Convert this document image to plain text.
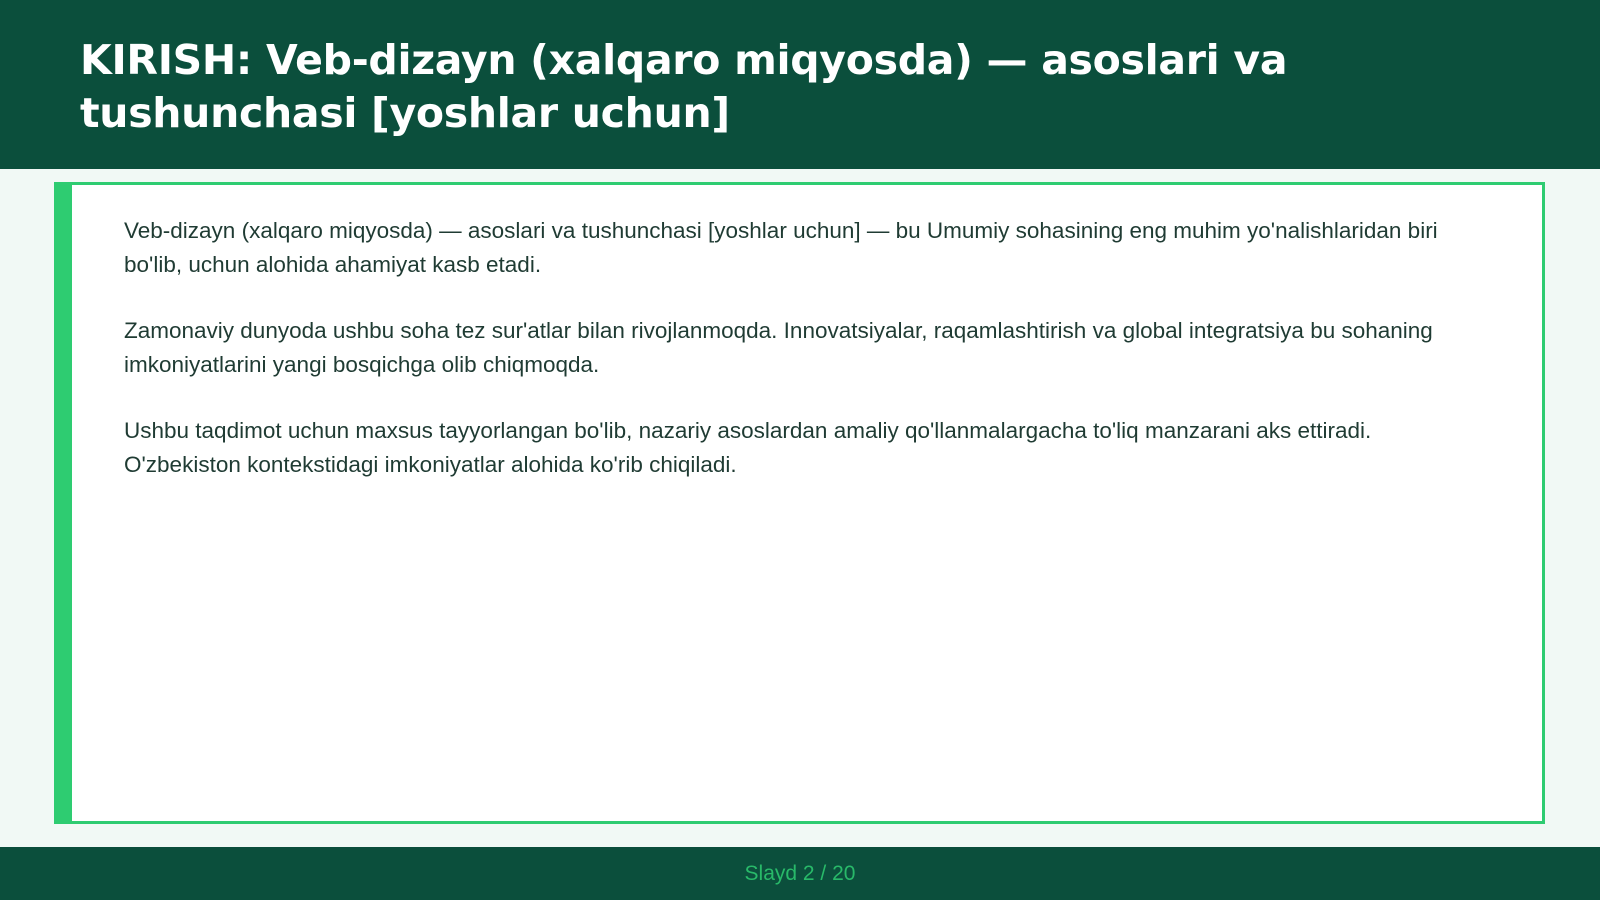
KIRISH: Veb-dizayn (xalqaro miqyosda) — asoslari va tushunchasi [yoshlar uchun]

Veb-dizayn (xalqaro miqyosda) — asoslari va tushunchasi [yoshlar uchun] — bu Umumiy sohasining eng muhim yo'nalishlaridan biri bo'lib, uchun alohida ahamiyat kasb etadi.

Zamonaviy dunyoda ushbu soha tez sur'atlar bilan rivojlanmoqda. Innovatsiyalar, raqamlashtirish va global integratsiya bu sohaning imkoniyatlarini yangi bosqichga olib chiqmoqda.

Ushbu taqdimot uchun maxsus tayyorlangan bo'lib, nazariy asoslardan amaliy qo'llanmalargacha to'liq manzarani aks ettiradi. O'zbekiston kontekstidagi imkoniyatlar alohida ko'rib chiqiladi.

Slayd 2 / 20
